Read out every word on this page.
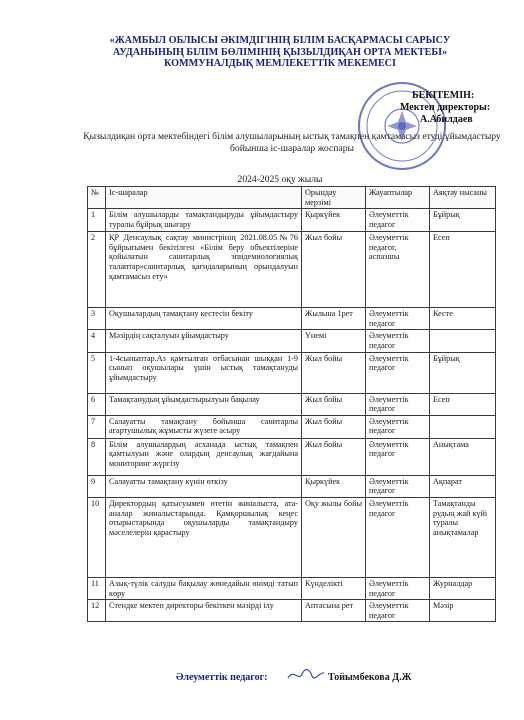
«ЖАМБЫЛ ОБЛЫСЫ ӘКІМДІГІНІҢ БІЛІМ БАСҚАРМАСЫ САРЫСУ
АУДАНЫНЫҢ БІЛІМ БӨЛІМІНІҢ ҚЫЗЫЛДИҚАН ОРТА МЕКТЕБІ»
КОММУНАЛДЫҚ МЕМЛЕКЕТТІК МЕКЕМЕСІ
БЕКІТЕМІН:
Мектеп директоры:
А.Абилдаев
Қызылдиқан орта мектебіндегі білім алушыларының ыстық тамақпен қамтамасыз етуді ұйымдастыру
бойынша іс-шаралар жоспары
2024-2025 оқу жылы
№	Іс-шаралар	Орындау мерзімі	Жауаптылар	Аяқтау нысаны
1	Білім алушыларды тамақтандыруды ұйымдастыру туралы бұйрық шығару	Қыркүйек	Әлеуметтік педагог	Бұйрық
2	ҚР Денсаулық сақтау министрінің 2021.08.05№76 бұйрығымен бекітілген «Білім беру объектілеріне қойылатын санитарлық эпидемиологиялық талаптар»санитарлық қағидаларының орындалуын қамтамасыз ету»	Жыл бойы	Әлеуметтік педагог, аспазшы	Есеп
3	Оқушылардың тамақтану кестесін бекіту	Жылына 1рет	Әлеуметтік педагог	Кесте
4	Мәзірдің сақталуын ұйымдастыру	Үнемі	Әлеуметтік педагог	
5	1-4сыныптар.Аз қамтылған отбасынан шыққан 1-9 сынып оқушылары үшін ыстық тамақтануды ұйымдастыру	Жыл бойы	Әлеуметтік педагог	Бұйрық
6	Тамақтанудың ұйымдастырылуын бақылау	Жыл бойы	Әлеуметтік педагог	Есеп
7	Салауатты тамақтану бойынша санитарлы ағартушылық жұмысты жүзеге асыру	Жыл бойы	Әлеуметтік педагог	
8	Білім алушылардың асханада ыстық тамақпен қамтылуын және олардың денсаулық жағдайына мониторинг жүргізу	Жыл бойы	Әлеуметтік педагог	Анықтама
9	Салауатты тамақтану күнін өткізу	Қыркүйек	Әлеуметтік педагог	Ақпарат
10	Директордың қатысуымен өтетін жиналыста, ата-аналар жиналыстарында. Қамқоршылық кеңес отырыстарында оқушыларды тамақтандыру мәселелерін қарастыру	Оқу жылы бойы	Әлеуметтік педагог	Тамақтанды рудың жай күйі туралы анықтамалар
11	Азық-түлік салуды бақылау жөнедайын өнімді татып көру	Күнделікті	Әлеуметтік педагог	Журналдар
12	Стендке мектеп директоры бекіткен мәзірді ілу	Аптасына рет	Әлеуметтік педагог	Мәзір
Әлеуметтік педагог:	Тойымбекова Д.Ж
